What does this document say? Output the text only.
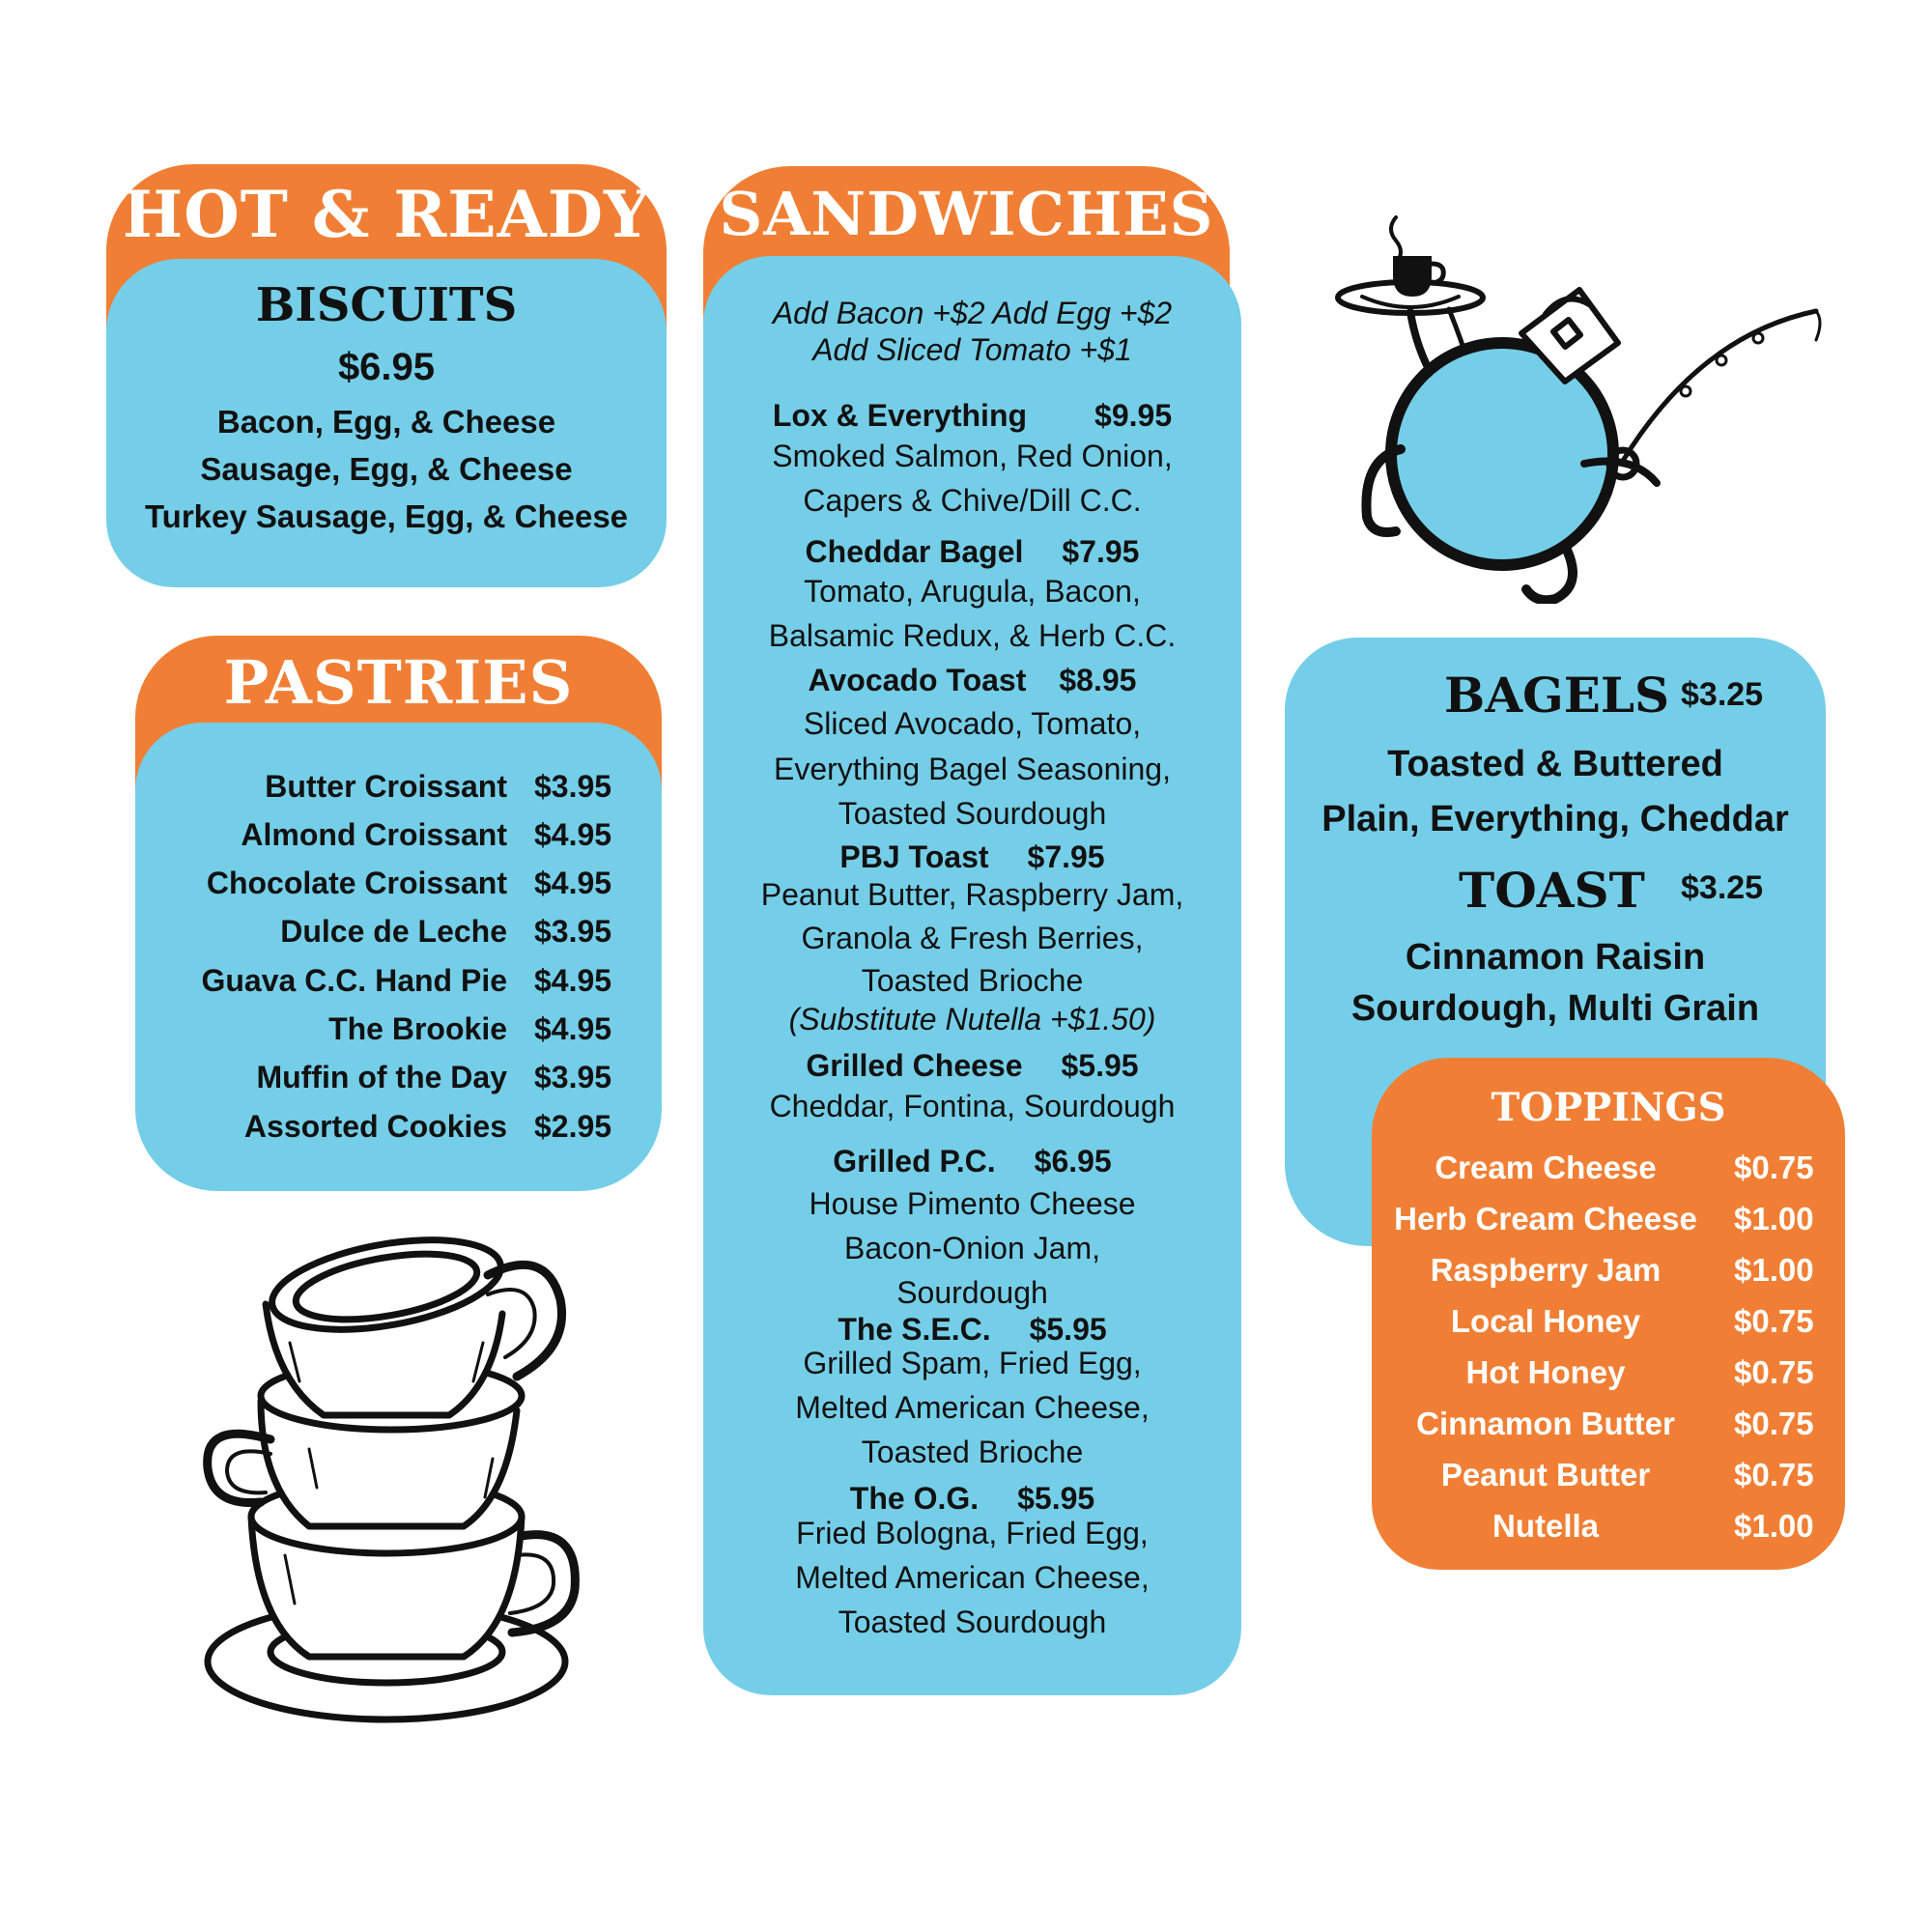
HOT & READY
BISCUITS
$6.95
Bacon, Egg, & Cheese
Sausage, Egg, & Cheese
Turkey Sausage, Egg, & Cheese
PASTRIES
Butter Croissant $3.95
Almond Croissant $4.95
Chocolate Croissant $4.95
Dulce de Leche $3.95
Guava C.C. Hand Pie $4.95
The Brookie $4.95
Muffin of the Day $3.95
Assorted Cookies $2.95
SANDWICHES
Add Bacon +$2 Add Egg +$2
Add Sliced Tomato +$1
Lox & Everything $9.95
Smoked Salmon, Red Onion,
Capers & Chive/Dill C.C.
Cheddar Bagel $7.95
Tomato, Arugula, Bacon,
Balsamic Redux, & Herb C.C.
Avocado Toast $8.95
Sliced Avocado, Tomato,
Everything Bagel Seasoning,
Toasted Sourdough
PBJ Toast $7.95
Peanut Butter, Raspberry Jam,
Granola & Fresh Berries,
Toasted Brioche
(Substitute Nutella +$1.50)
Grilled Cheese $5.95
Cheddar, Fontina, Sourdough
Grilled P.C. $6.95
House Pimento Cheese
Bacon-Onion Jam,
Sourdough
The S.E.C. $5.95
Grilled Spam, Fried Egg,
Melted American Cheese,
Toasted Brioche
The O.G. $5.95
Fried Bologna, Fried Egg,
Melted American Cheese,
Toasted Sourdough
BAGELS $3.25
Toasted & Buttered
Plain, Everything, Cheddar
TOAST $3.25
Cinnamon Raisin
Sourdough, Multi Grain
TOPPINGS
Cream Cheese	$0.75
Herb Cream Cheese	$1.00
Raspberry Jam	$1.00
Local Honey	$0.75
Hot Honey	$0.75
Cinnamon Butter	$0.75
Peanut Butter	$0.75
Nutella	$1.00
